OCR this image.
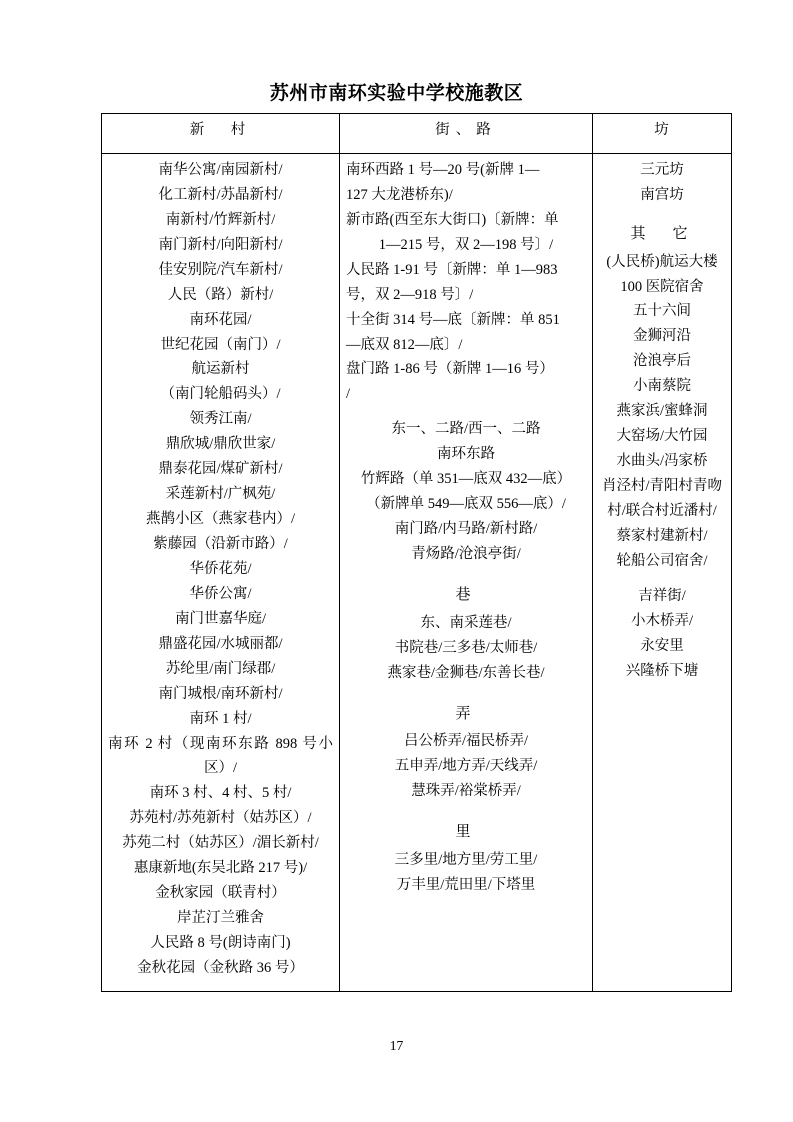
苏州市南环实验中学校施教区
新　村	街、路	坊

南华公寓/南园新村/
化工新村/苏晶新村/
南新村/竹辉新村/
南门新村/向阳新村/
佳安别院/汽车新村/
人民（路）新村/
南环花园/
世纪花园（南门）/
航运新村
（南门轮船码头）/
领秀江南/
鼎欣城/鼎欣世家/
鼎泰花园/煤矿新村/
采莲新村/广枫苑/
燕鹊小区（燕家巷内）/
紫藤园（沿新市路）/
华侨花苑/
华侨公寓/
南门世嘉华庭/
鼎盛花园/水城丽都/
苏纶里/南门绿郡/
南门城根/南环新村/
南环 1 村/
南环 2 村（现南环东路 898 号小
区）/
南环 3 村、4 村、5 村/
苏苑村/苏苑新村（姑苏区）/
苏苑二村（姑苏区）/湄长新村/
惠康新地(东吴北路 217 号)/
金秋家园（联青村）
岸芷汀兰雅舍
人民路 8 号(朗诗南门)
金秋花园（金秋路 36 号）

南环西路 1 号—20 号(新牌 1—
127 大龙港桥东)/
新市路(西至东大街口)〔新牌：单
1—215 号，双 2—198 号〕/
人民路 1-91 号〔新牌：单 1—983
号，双 2—918 号〕/
十全街 314 号—底〔新牌：单 851
—底双 812—底〕/
盘门路 1-86 号（新牌 1—16 号）
/
东一、二路/西一、二路
南环东路
竹辉路（单 351—底双 432—底）
（新牌单 549—底双 556—底）/
南门路/内马路/新村路/
青炀路/沧浪亭街/
巷
东、南采莲巷/
书院巷/三多巷/太师巷/
燕家巷/金狮巷/东善长巷/
弄
吕公桥弄/福民桥弄/
五申弄/地方弄/天线弄/
慧珠弄/裕棠桥弄/
里
三多里/地方里/劳工里/
万丰里/荒田里/下塔里

三元坊
南宫坊
其　它
(人民桥)航运大楼
100 医院宿舍
五十六间
金狮河沿
沧浪亭后
小南蔡院
燕家浜/蜜蜂洞
大窑场/大竹园
水曲头/冯家桥
肖泾村/青阳村青吻
村/联合村近潘村/
蔡家村建新村/
轮船公司宿舍/
吉祥街/
小木桥弄/
永安里
兴隆桥下塘
17
